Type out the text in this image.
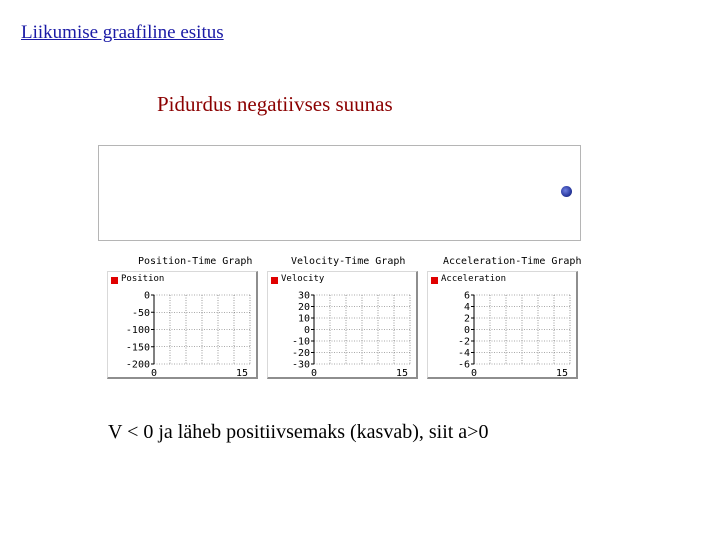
Liikumise graafiline esitus
Pidurdus negatiivses suunas
Position-Time Graph	Velocity-Time Graph	Acceleration-Time Graph
Position
0
-50
-100
-150
-200
0	15
Velocity
30
20
10
0
-10
-20
-30
0	15
Acceleration
6
4
2
0
-2
-4
-6
0	15
V < 0 ja läheb positiivsemaks (kasvab), siit a>0
